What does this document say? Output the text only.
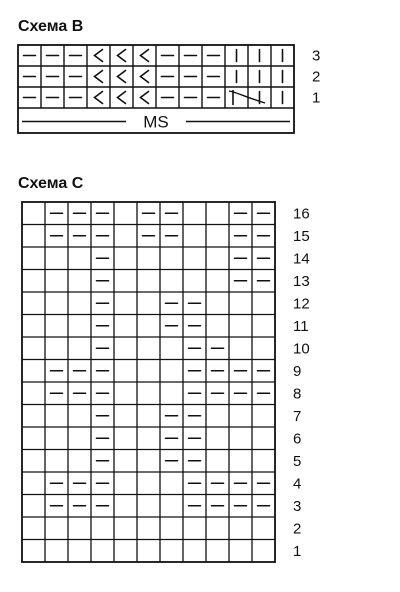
Схема В
Схема С
3
2
1
MS
16
15
14
13
12
11
10
9
8
7
6
5
4
3
2
1
